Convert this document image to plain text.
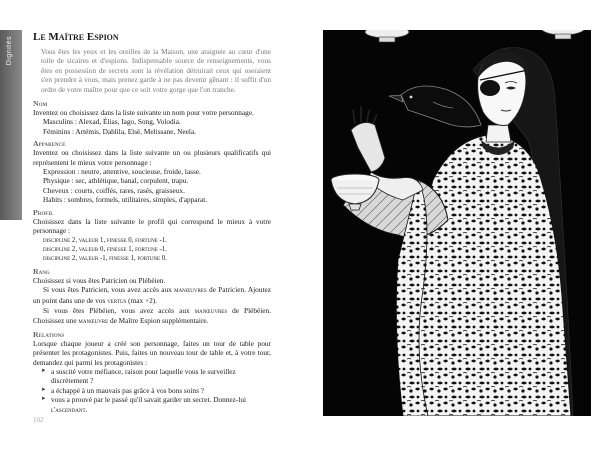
Dignités Le Maître Espion

Vous êtes les yeux et les oreilles de la Maison, une araignée au cœur d'une toile de sicaires et d'espions. Indispensable source de renseignements, vous êtes en possession de secrets sont la révélation détruirait ceux qui oseraient s'en prendre à vous, mais prenez garde à ne pas devenir gênant : il suffit d'un ordre de votre maître pour que ce soit votre gorge que l'on tranche.

Nom

Inventez ou choisissez dans la liste suivante un nom pour votre personnage.

Masculins : Alexad, Élias, Iago, Song, Volodia.

Féminins : Artémis, Dahlila, Elsë, Melissane, Neela.

Apparence

Inventez ou choisissez dans la liste suivante un ou plusieurs qualificatifs qui représentent le mieux votre personnage :

Expression : neutre, attentive, soucieuse, froide, lasse.

Physique : sec, athlétique, banal, corpulent, trapu.

Cheveux : courts, coiffés, rares, rasés, graisseux.

Habits : sombres, formels, utilitaires, simples, d'apparat.

Profil

Choisissez dans la liste suivante le profil qui correspond le mieux à votre personnage :

discipline 2, valeur 1, finesse 0, fortune -1.

discipline 2, valeur 0, finesse 1, fortune -1.

discipline 2, valeur -1, finesse 1, fortune 0.

Rang

Choisissez si vous êtes Patricien ou Plébéien.

Si vous êtes Patricien, vous avez accès aux manœuvres de Patricien. Ajoutez un point dans une de vos vertus (max +2).

Si vous êtes Plébéien, vous avez accès aux manœuvres de Plébéien. Choisissez une manœuvre de Maître Espion supplémentaire.

Relations

Lorsque chaque joueur a créé son personnage, faites un tour de table pour présenter les protagonistes. Puis, faites un nouveau tour de table et, à votre tour, demandez qui parmi les protagonistes :

➤ a suscité votre méfiance, raison pour laquelle vous le surveillez discrètement ?
➤ a échappé à un mauvais pas grâce à vos bons soins ?
➤ vous a prouvé par le passé qu'il savait garder un secret. Donnez-lui l'ascendant.
102
